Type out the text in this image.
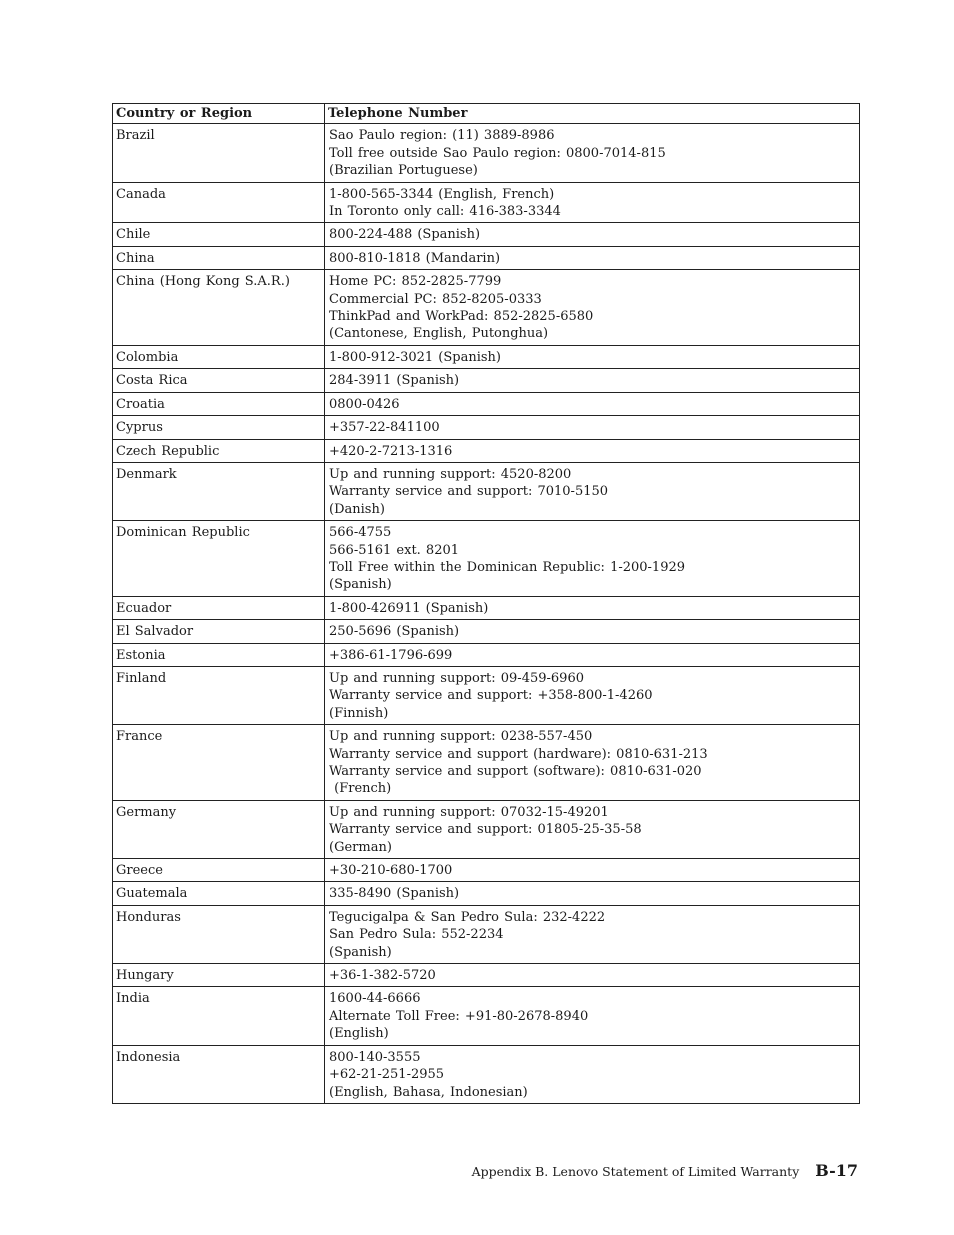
Country or Region	Telephone Number
Brazil	Sao Paulo region: (11) 3889-8986
Toll free outside Sao Paulo region: 0800-7014-815
(Brazilian Portuguese)

Canada	1-800-565-3344 (English, French)
In Toronto only call: 416-383-3344

Chile	800-224-488 (Spanish)

China	800-810-1818 (Mandarin)

China (Hong Kong S.A.R.)	Home PC: 852-2825-7799
Commercial PC: 852-8205-0333
ThinkPad and WorkPad: 852-2825-6580
(Cantonese, English, Putonghua)

Colombia	1-800-912-3021 (Spanish)

Costa Rica	284-3911 (Spanish)

Croatia	0800-0426

Cyprus	+357-22-841100

Czech Republic	+420-2-7213-1316

Denmark	Up and running support: 4520-8200
Warranty service and support: 7010-5150
(Danish)

Dominican Republic	566-4755
566-5161 ext. 8201
Toll Free within the Dominican Republic: 1-200-1929
(Spanish)

Ecuador	1-800-426911 (Spanish)

El Salvador	250-5696 (Spanish)

Estonia	+386-61-1796-699

Finland	Up and running support: 09-459-6960
Warranty service and support: +358-800-1-4260
(Finnish)

France	Up and running support: 0238-557-450
Warranty service and support (hardware): 0810-631-213
Warranty service and support (software): 0810-631-020
(French)

Germany	Up and running support: 07032-15-49201
Warranty service and support: 01805-25-35-58
(German)

Greece	+30-210-680-1700

Guatemala	335-8490 (Spanish)

Honduras	Tegucigalpa & San Pedro Sula: 232-4222
San Pedro Sula: 552-2234
(Spanish)

Hungary	+36-1-382-5720

India	1600-44-6666
Alternate Toll Free: +91-80-2678-8940
(English)

Indonesia	800-140-3555
+62-21-251-2955
(English, Bahasa, Indonesian)
Appendix B. Lenovo Statement of Limited Warranty B-17
